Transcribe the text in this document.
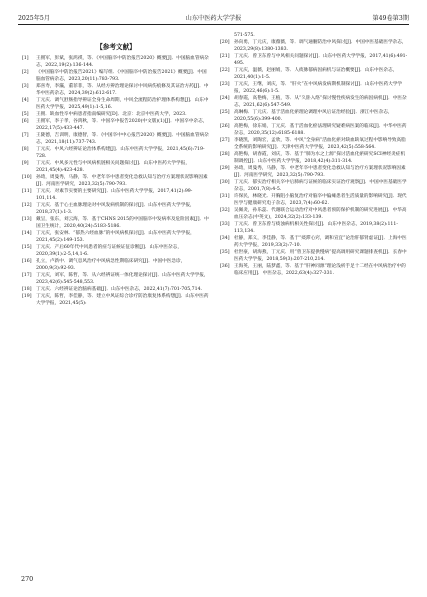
2025年5月	山东中医药大学学报	第49卷第3期
【参考文献】

[1] 王拥军，彭斌，张鸿祺，等．《中国脑卒中防治报告2020》概要[J]．中国脑血管病杂志，2022,19(2):136-144.

[2] 《中国脑卒中防治报告2021》编写组．《中国脑卒中防治报告2021》概要[J]．中国脑血管病杂志，2023,20(11):783-793.

[3] 郑喜寿，李瀛，董菲菲，等．从经方辨治理论探讨中风病伤痕修及其证治方药[J]．中华中医药杂志，2024,39(2):612-617.

[4] 丁元庆．调气舒肠指导辨证全身生命周期，中风全流程防治护理体系构想[J]．山东中医药大学学报，2025,49(1):1-5,16.

[5] 王拥．缺血性卒中病患者指南编研究[D]．北京：北京中医药大学，2023.

[6] 王拥军，李子孝，谷鸿秋，等．中国卒中报告2020(中文版)(1)[J]．中国卒中杂志，2022,17(5):433-447.

[7] 王陇德，吉训明，康德智，等．《中国卒中中心报告2020》概要[J]．中国脑血管病杂志，2021,18(11):737-743.

[8] 丁元庆．中风六经辨证论治体系构建[J]．山东中医药大学学报，2021,45(6):719-728.

[9] 丁元庆．中风多元性与中风病机链相关问题探讨[J]．山东中医药大学学报，2021,45(4):423-428.

[10] 孙琦，周曼秀，马静，等．中老年卒中患者变化急救认知与治疗方案理状况影响因素[J]．河南医学研究，2023,32(5):790-793.

[11] 丁元庆．对素节实要的主要研究[J]．山东中医药大学学报，2017,41(2):99-101,114.

[12] 丁元庆．基于心主血脉理论对中风发病机制的探讨[J]．山东中医药大学学报，2018,37(1):1-3.

[13] 戴呈，张东，刘云海，等．基于CHNS 2015的中国脑卒中发病率及危险因素[J]．中国卫生统计，2020,40(24):5183-5186.

[14] 丁元庆，张安林．“郁热六经血脉”的中风病机探讨[J]．山东中医药大学学报，2021,45(2):149-153.

[15] 丁元庆．产后60年代中风患者的症与证候证征诊断[J]．山东中医杂志，2020,39(1):2-5,14,1-6.

[16] 孔立，卢新中．调气息风治疗中风病急性期临床研究[J]．中国中医急诊，2000,9(3):92-93.

[17] 丁元庆，刘军，陈哲，等．从六经辨证统一体化理论探讨[J]．山东中医药大学学报，2023,42(6):545-548,553.

[18] 丁元庆．六经辨证论治脑病基础[J]．山东中医杂志，2022,41(7):701-705,714.

[19] 丁元庆，陈哲，李佳静，等．建立中风证综合诊疗防治康复体系构想[J]．山东中医药大学学报，2021,45(5):

571-575.

[20] 孙向勇，丁元庆，康薇薇，等．调气通腑防治中风探讨[J]．中国中医基础医学杂志，2023,29(8):1380-1383.

[21] 丁元庆．曾卫东曾与中风相关问题探讨[J]．山东中医药大学学报，2017,41(6):491-495.

[22] 丁元庆，温薇，赵丽娟，等．人痰脉郁病因病机与证治概要[J]．山东中医杂志，2021,40(1):1-5.

[23] 丁元庆，王继，刘庆，等．“肝火”在中风病发病期机制探讨[J]．山东中医药大学学报，2022,46(6):1-5.

[24] 胡春霞，高艳梅，王植，等．从“久卧入络”探讨慢性疾病发生的病因病机[J]．中医杂志，2021,62(6):547-549.

[25] 高琳梅．丁元庆．基于活血化瘀理论调理中风后证治经验[J]．浙江中医杂志，2020,55(6):399-400.

[26] 高艳梅，徐东娟，丁元庆．基于活血化瘀法理研究疑难病医案的临床[J]．中华中医药杂志，2020,35(12):6185-6188.

[27] 李晓凯，刘陶宏，孟欣，等．中风“全身病”活血化瘀对缺血缺氧过程中影响导致高脂全系统的影响研究[J]．天津中医药大学学报，2023,42(5):558-564.

[28] 高艳梅，胡春霞，刘庆，等．基于“肺为水之上源”探讨活血化瘀研究SCI神经炎症机制调控[J]．山东中医药大学学报，2018,42(4):311-314.

[29] 孙琦，周曼秀，马静，等．中老年卒中患者变化急救认知与治疗方案理状况影响因素[J]．河南医学研究，2023,32(5):790-793.

[30] 丁元庆．郁实治疗相关卒中后肺病与证候的临床实证治疗观察[J]．中国中医基础医学杂志，2001,7(8):4-5.

[31] 许保民，林晓光．开胸阻小脑复治疗对脑卒中偏瘫患者生活质量的影响研究[J]．现代医学与健康研究电子杂志，2023,7(4):60-62.

[32] 吴佩炎，孙乐蕊．代谢联合运动治疗对中风患者预防保护机制的研究进展[J]．中华高血压杂志(中英文)，2024,32(2):133-139.

[33] 丁元庆．曾卫东曾与痰浊病机相关性探讨[J]．山东中医杂志，2019,38(2):111-113,134.

[34] 杜静，郑义，李佳静，等．基于“痰滞心窍，调和宣宜”论治肝郁肾虚证[J]．上海中医药大学学报，2019,33(2):7-10.

[35] 杜世豪，胡海燕，丁元庆．用“曾卫东提供慢病”提高调用研究课题排查机[J]．长春中医药大学学报，2018,59(3):207-210,214.

[36] 王海英，王丽，陆梦鑫，等．基于“肝神同源”理论浅析手足十二经在中风病治疗中的临床应用[J]．中医杂志，2022,63(4):327-331.

270
